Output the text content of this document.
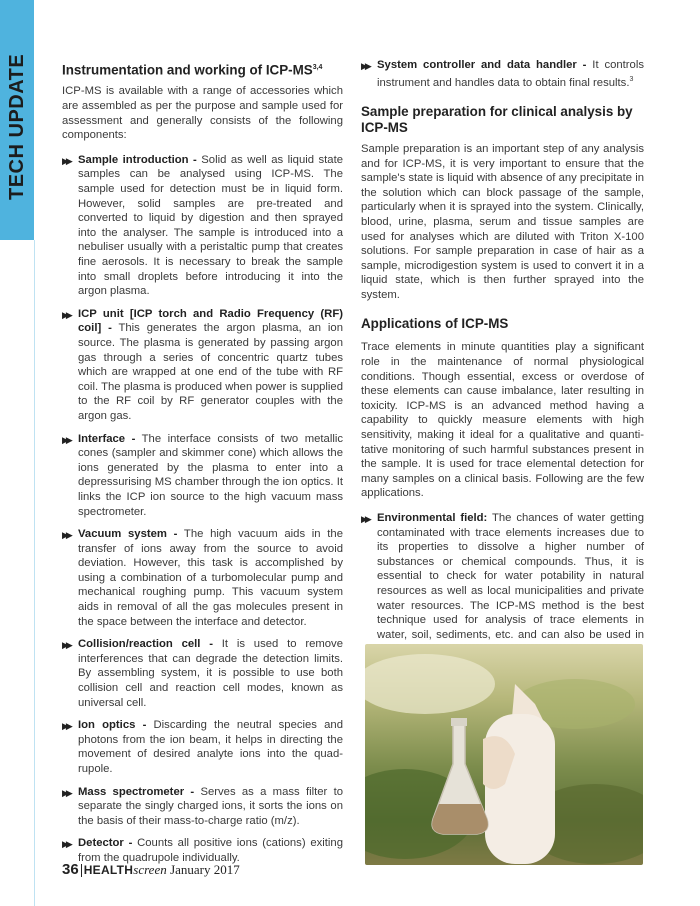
TECH UPDATE	Instrumentation and working of ICP-MS$^{3,4}$

ICP-MS is available with a range of accessories which are assembled as per the purpose and sample used for assessment and generally consists of the following components:

▶▶ Sample introduction - Solid as well as liquid state samples can be analysed using ICP-MS. The sample used for detection must be in liquid form. However, solid samples are pre-treated and converted to liquid by digestion and then sprayed into the analyser. The sample is introduced into a nebuliser usually with a peristaltic pump that creates fine aerosols. It is necessary to break the sample into small droplets before introducing it into the argon plasma.
▶▶ ICP unit [ICP torch and Radio Frequency (RF) coil] - This generates the argon plasma, an ion source. The plasma is generated by passing argon gas through a series of concentric quartz tubes which are wrapped at one end of the tube with RF coil. The plasma is produced when power is supplied to the RF coil by RF generator couples with the argon gas.
▶▶ Interface - The interface consists of two metallic cones (sampler and skimmer cone) which allows the ions generated by the plasma to enter into a depressurising MS chamber through the ion optics. It links the ICP ion source to the high vacuum mass spectrometer.
▶▶ Vacuum system - The high vacuum aids in the transfer of ions away from the source to avoid deviation. However, this task is accomplished by using a combination of a turbomolecular pump and mechanical roughing pump. This vacuum system aids in removal of all the gas molecules present in the space between the interface and detector.
▶▶ Collision/reaction cell - It is used to remove interferences that can degrade the detection limits. By assembling system, it is possible to use both collision cell and reaction cell modes, known as universal cell.
▶▶ Ion optics - Discarding the neutral species and photons from the ion beam, it helps in directing the movement of desired analyte ions into the quad-rupole.
▶▶ Mass spectrometer - Serves as a mass filter to separate the singly charged ions, it sorts the ions on the basis of their mass-to-charge ratio (m/z).
▶▶ Detector - Counts all positive ions (cations) exiting from the quadrupole individually.
▶▶ System controller and data handler - It controls instrument and handles data to obtain final results.$^3$
Sample preparation for clinical analysis by ICP-MS

Sample preparation is an important step of any analysis and for ICP-MS, it is very important to ensure that the sample's state is liquid with absence of any precipitate in the solution which can block passage of the sample, particularly when it is sprayed into the system. Clinically, blood, urine, plasma, serum and tissue samples are used for analyses which are diluted with Triton X-100 solutions. For sample preparation in case of hair as a sample, microdigestion system is used to convert it in a liquid state, which is then further sprayed into the system.

Applications of ICP-MS

Trace elements in minute quantities play a significant role in the maintenance of normal physiological conditions. Though essential, excess or overdose of these elements can cause imbalance, later resulting in toxicity. ICP-MS is an advanced method having a capability to quickly measure elements with high sensitivity, making it ideal for a qualitative and quanti-tative monitoring of such harmful substances present in the sample. It is used for trace elemental detection for many samples on a clinical basis. Following are the few applications.

▶▶ Environmental field: The chances of water getting contaminated with trace elements increases due to its properties to dissolve a higher number of substances or chemical compounds. Thus, it is essential to check for water potability in natural resources as well as local municipalities and private water resources. The ICP-MS method is the best technique used for analysis of trace elements in water, soil, sediments, etc. and can also be used in
36 HEALTHscreen January 2017
